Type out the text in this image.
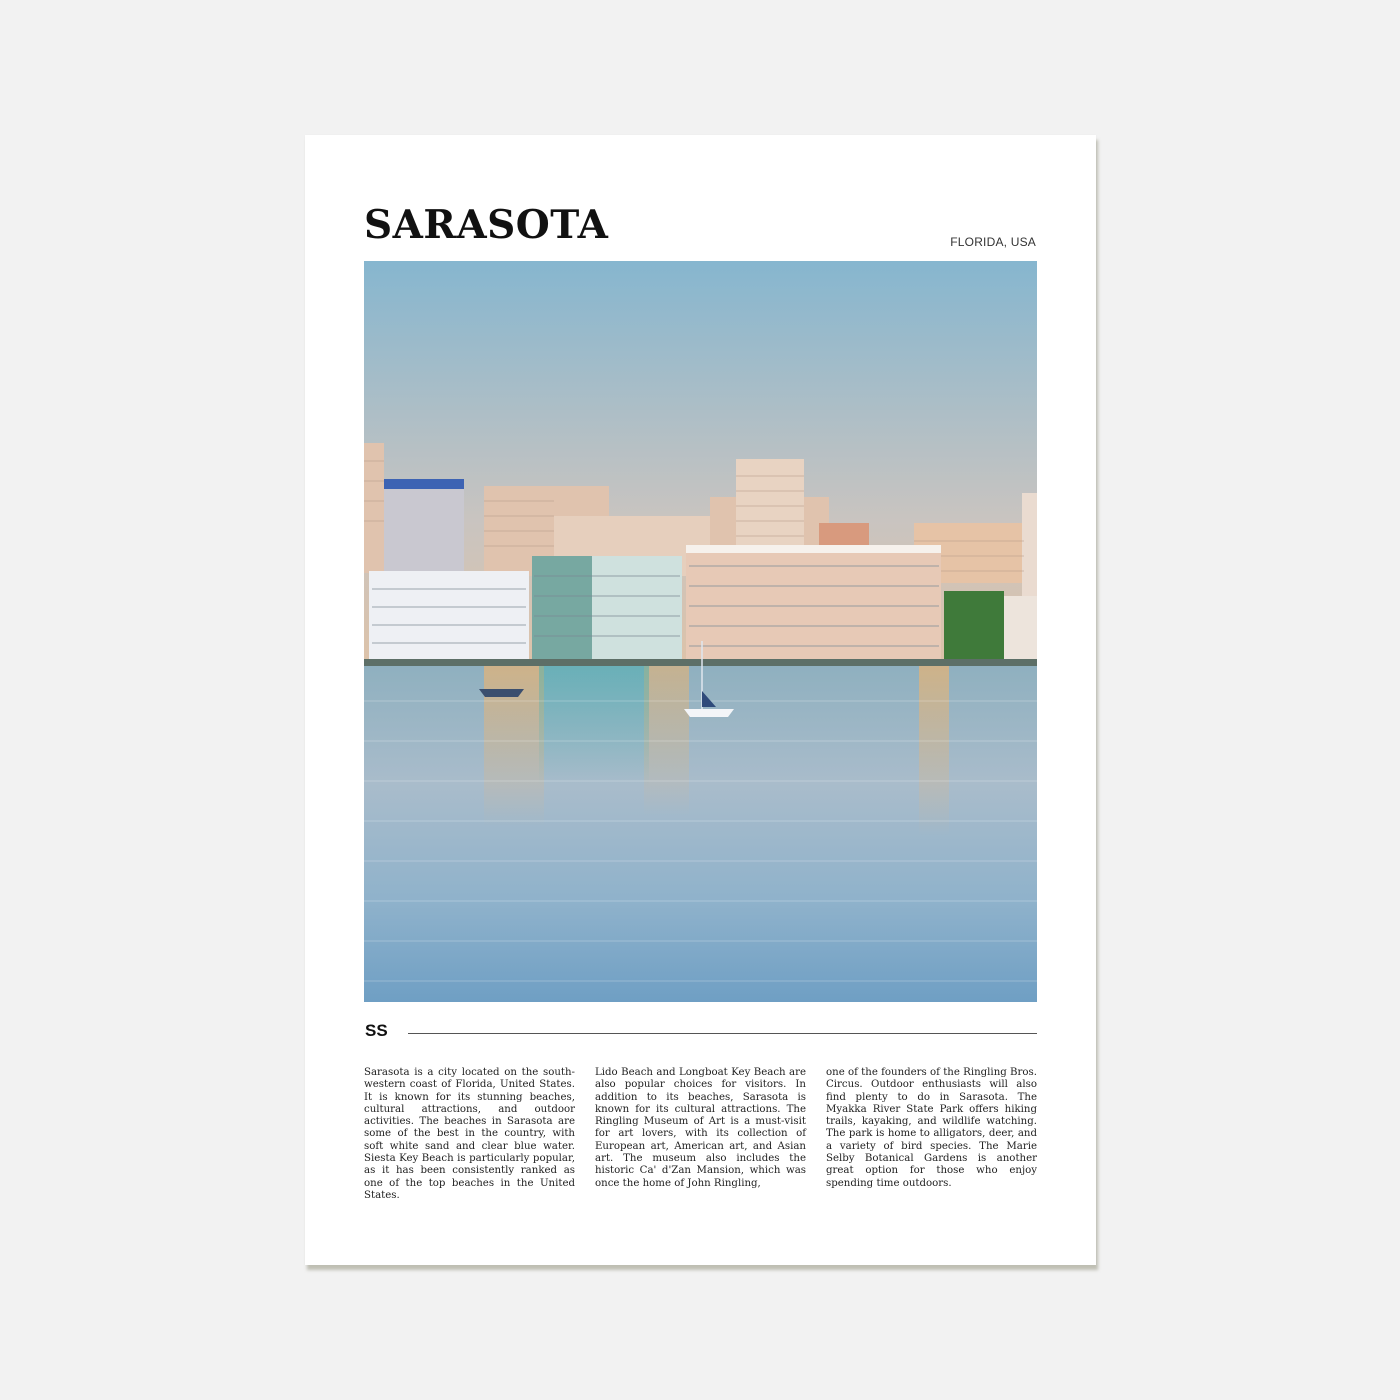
SARASOTA	FLORIDA, USA
SS

Sarasota is a city located on the south-western coast of Florida, United States. It is known for its stunning beaches, cultural attractions, and outdoor activities. The beaches in Sarasota are some of the best in the country, with soft white sand and clear blue water. Siesta Key Beach is particularly popular, as it has been consistently ranked as one of the top beaches in the United States.

Lido Beach and Longboat Key Beach are also popular choices for visitors. In addition to its beaches, Sarasota is known for its cultural attractions. The Ringling Museum of Art is a must-visit for art lovers, with its collection of European art, American art, and Asian art. The museum also includes the historic Ca' d'Zan Mansion, which was once the home of John Ringling,

one of the founders of the Ringling Bros. Circus. Outdoor enthusiasts will also find plenty to do in Sarasota. The Myakka River State Park offers hiking trails, kayaking, and wildlife watching. The park is home to alligators, deer, and a variety of bird species. The Marie Selby Botanical Gardens is another great option for those who enjoy spending time outdoors.
